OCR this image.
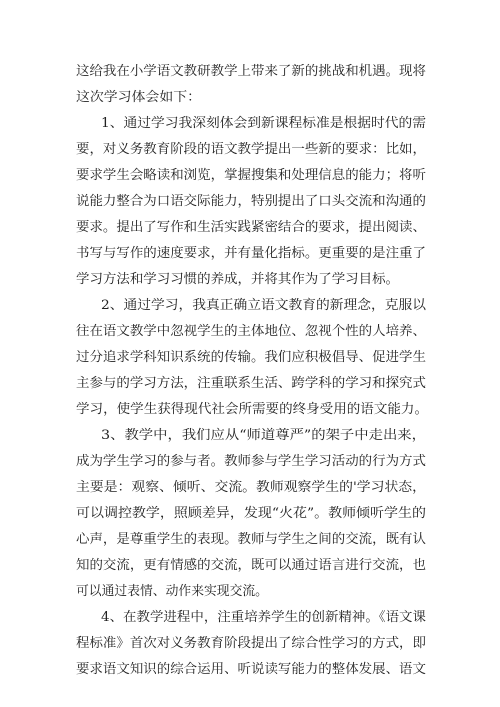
这给我在小学语文教研教学上带来了新的挑战和机遇。现将
这次学习体会如下：
1、通过学习我深刻体会到新课程标准是根据时代的需
要，对义务教育阶段的语文教学提出一些新的要求：比如，
要求学生会略读和浏览，掌握搜集和处理信息的能力；将听
说能力整合为口语交际能力，特别提出了口头交流和沟通的
要求。提出了写作和生活实践紧密结合的要求，提出阅读、
书写与写作的速度要求，并有量化指标。更重要的是注重了
学习方法和学习习惯的养成，并将其作为了学习目标。
2、通过学习，我真正确立语文教育的新理念，克服以
往在语文教学中忽视学生的主体地位、忽视个性的人培养、
过分追求学科知识系统的传输。我们应积极倡导、促进学生
主参与的学习方法，注重联系生活、跨学科的学习和探究式
学习，使学生获得现代社会所需要的终身受用的语文能力。
3、教学中，我们应从“师道尊严”的架子中走出来，
成为学生学习的参与者。教师参与学生学习活动的行为方式
主要是：观察、倾听、交流。教师观察学生的'学习状态，
可以调控教学，照顾差异，发现“火花”。教师倾听学生的
心声，是尊重学生的表现。教师与学生之间的交流，既有认
知的交流，更有情感的交流，既可以通过语言进行交流，也
可以通过表情、动作来实现交流。
4、在教学进程中，注重培养学生的创新精神。《语文课
程标准》首次对义务教育阶段提出了综合性学习的方式，即
要求语文知识的综合运用、听说读写能力的整体发展、语文
